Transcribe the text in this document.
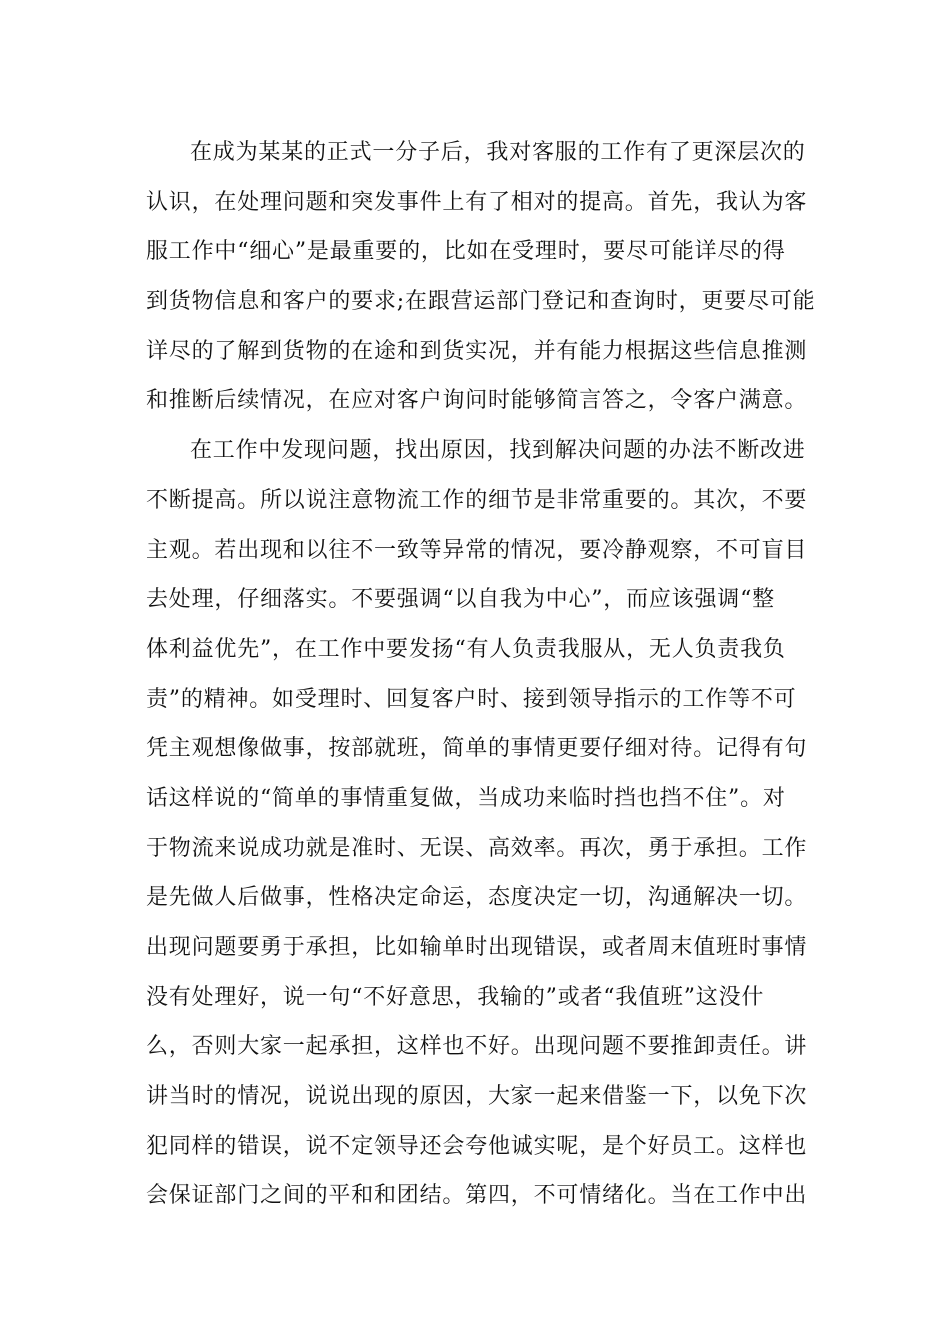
在成为某某的正式一分子后，我对客服的工作有了更深层次的
认识，在处理问题和突发事件上有了相对的提高。首先，我认为客
服工作中“细心”是最重要的，比如在受理时，要尽可能详尽的得
到货物信息和客户的要求;在跟营运部门登记和查询时，更要尽可能
详尽的了解到货物的在途和到货实况，并有能力根据这些信息推测
和推断后续情况，在应对客户询问时能够简言答之，令客户满意。
在工作中发现问题，找出原因，找到解决问题的办法不断改进
不断提高。所以说注意物流工作的细节是非常重要的。其次，不要
主观。若出现和以往不一致等异常的情况，要冷静观察，不可盲目
去处理，仔细落实。不要强调“以自我为中心”，而应该强调“整
体利益优先”，在工作中要发扬“有人负责我服从，无人负责我负
责”的精神。如受理时、回复客户时、接到领导指示的工作等不可
凭主观想像做事，按部就班，简单的事情更要仔细对待。记得有句
话这样说的“简单的事情重复做，当成功来临时挡也挡不住”。对
于物流来说成功就是准时、无误、高效率。再次，勇于承担。工作
是先做人后做事，性格决定命运，态度决定一切，沟通解决一切。
出现问题要勇于承担，比如输单时出现错误，或者周末值班时事情
没有处理好，说一句“不好意思，我输的”或者“我值班”这没什
么，否则大家一起承担，这样也不好。出现问题不要推卸责任。讲
讲当时的情况，说说出现的原因，大家一起来借鉴一下，以免下次
犯同样的错误，说不定领导还会夸他诚实呢，是个好员工。这样也
会保证部门之间的平和和团结。第四，不可情绪化。当在工作中出
